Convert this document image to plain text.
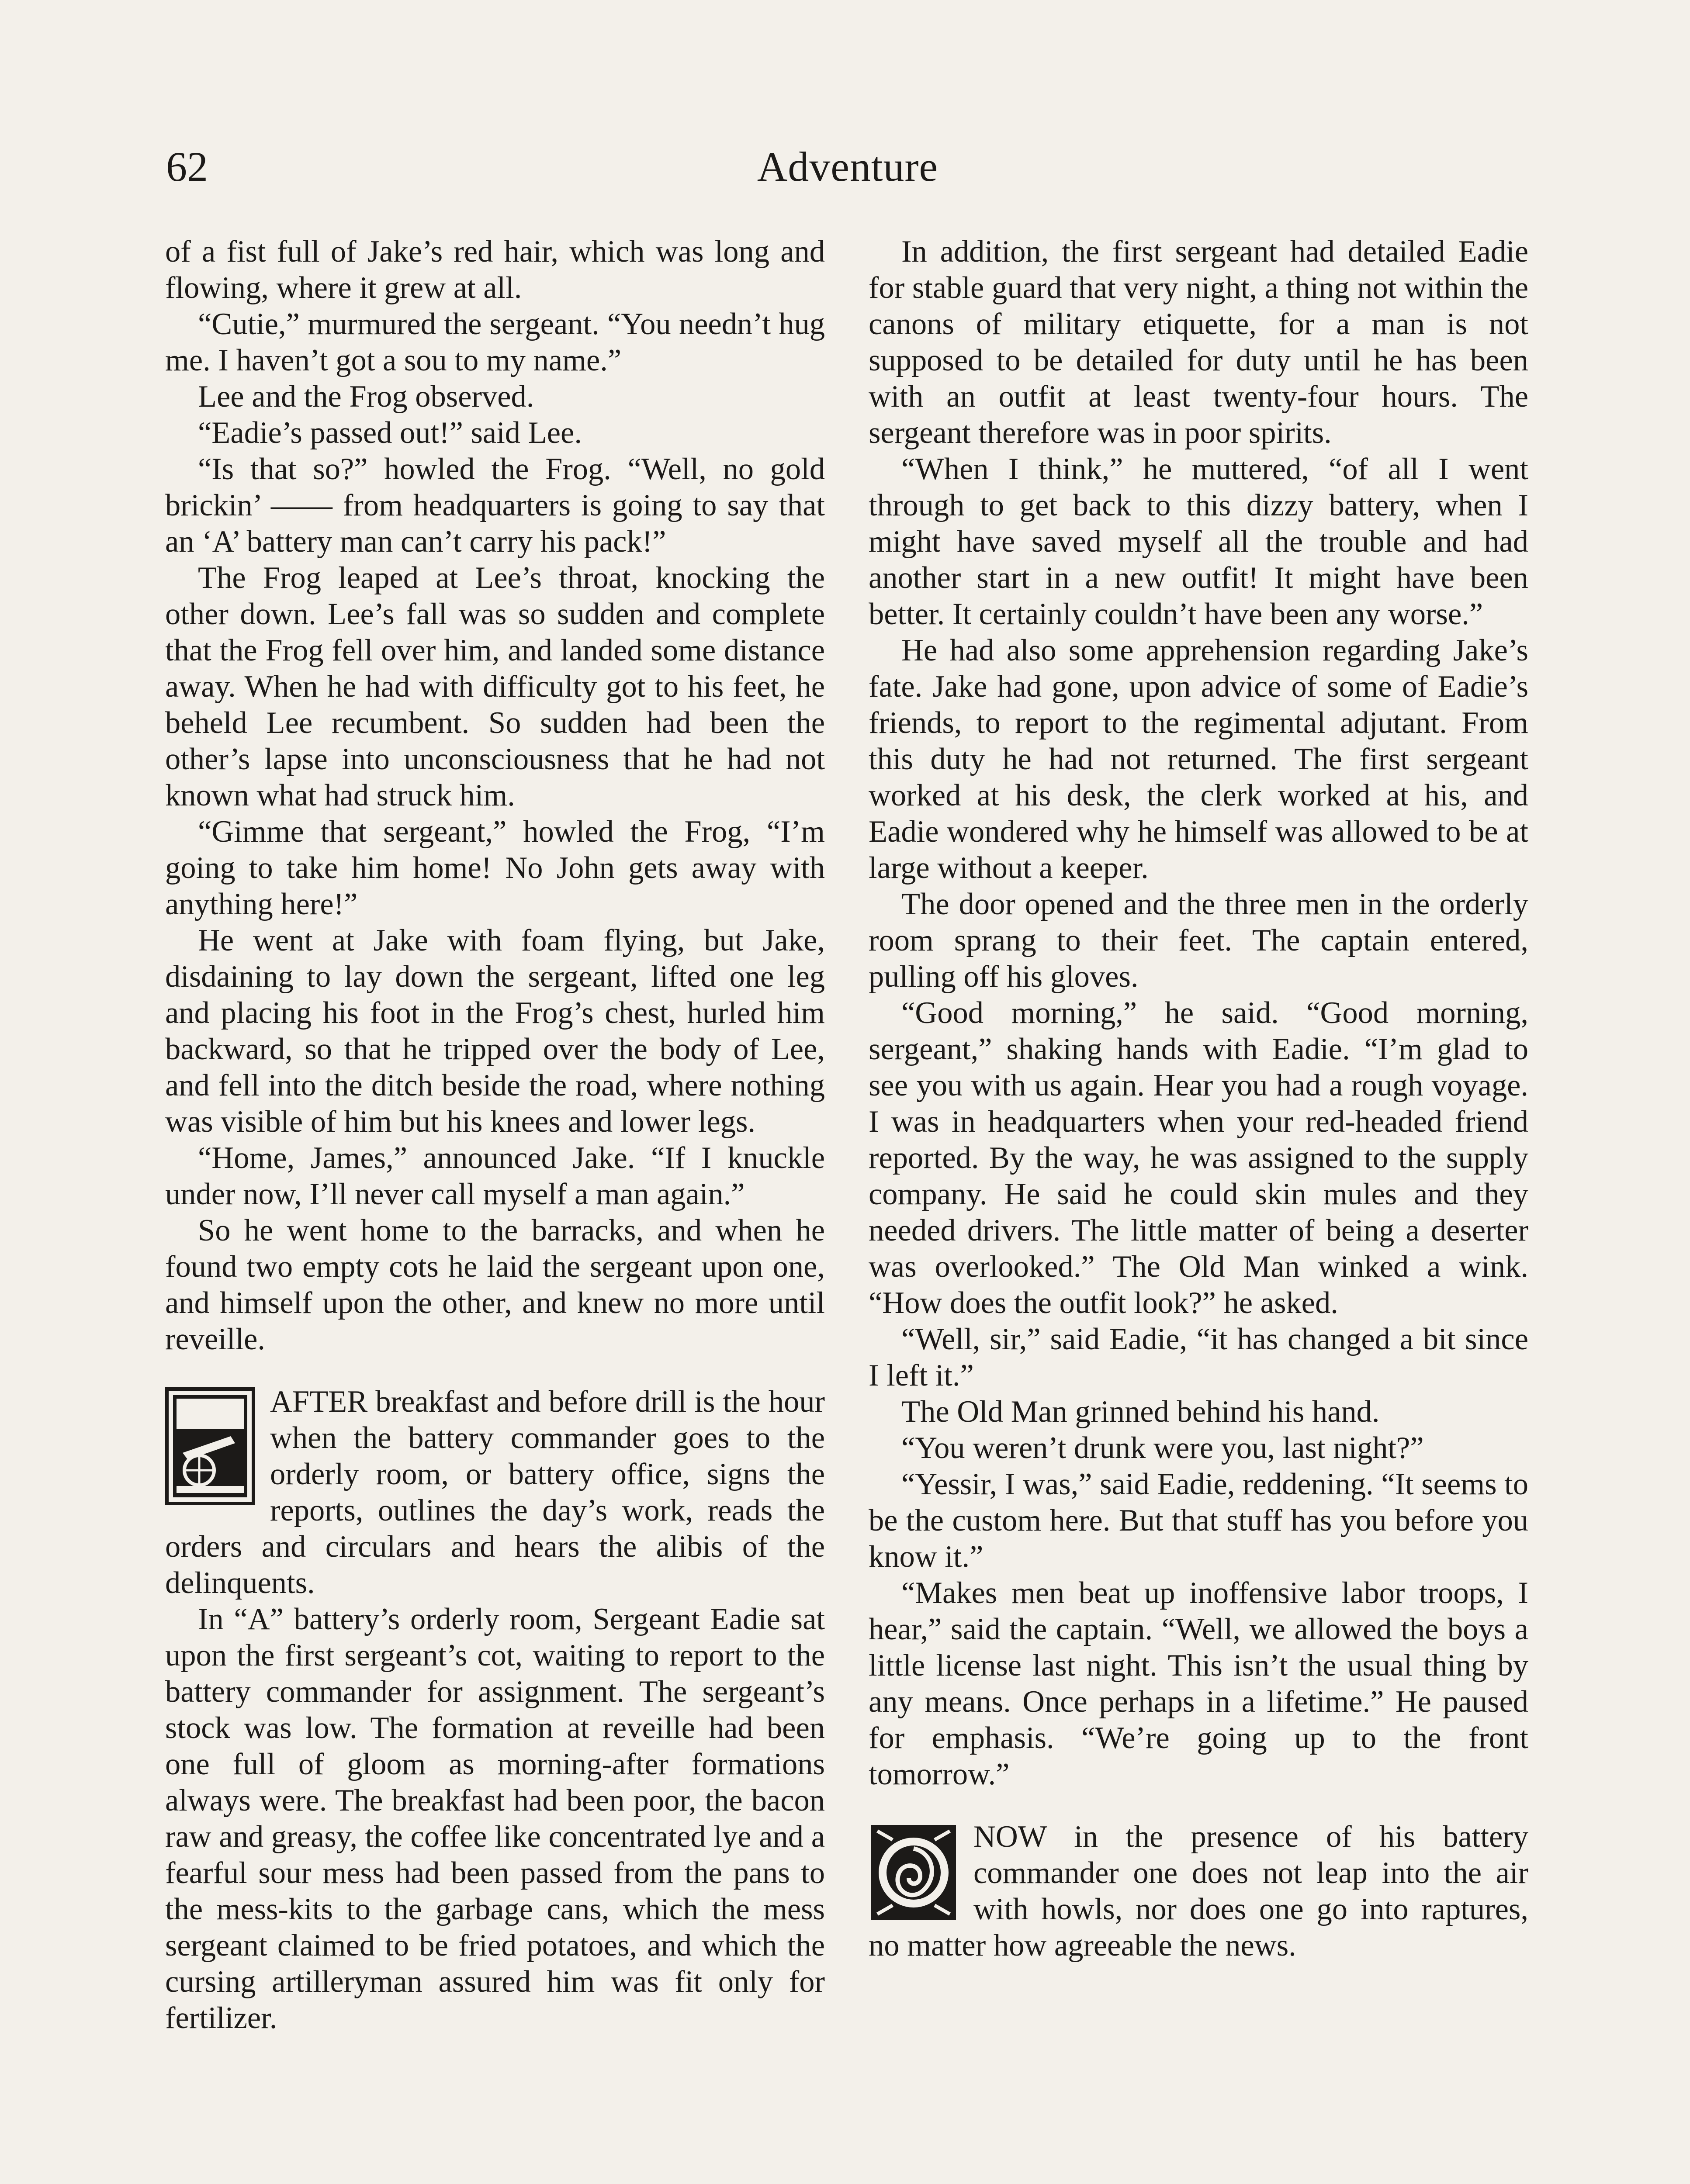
62	Adventure

of a fist full of Jake’s red hair, which was long and flowing, where it grew at all.

“Cutie,” murmured the sergeant. “You needn’t hug me. I haven’t got a sou to my name.”

Lee and the Frog observed.

“Eadie’s passed out!” said Lee.

“Is that so?” howled the Frog. “Well, no gold brickin’ —— from headquarters is going to say that an ‘A’ battery man can’t carry his pack!”

The Frog leaped at Lee’s throat, knocking the other down. Lee’s fall was so sudden and complete that the Frog fell over him, and landed some distance away. When he had with difficulty got to his feet, he beheld Lee recumbent. So sudden had been the other’s lapse into unconsciousness that he had not known what had struck him.

“Gimme that sergeant,” howled the Frog, “I’m going to take him home! No John gets away with anything here!”

He went at Jake with foam flying, but Jake, disdaining to lay down the sergeant, lifted one leg and placing his foot in the Frog’s chest, hurled him backward, so that he tripped over the body of Lee, and fell into the ditch beside the road, where nothing was visible of him but his knees and lower legs.

“Home, James,” announced Jake. “If I knuckle under now, I’ll never call myself a man again.”

So he went home to the barracks, and when he found two empty cots he laid the sergeant upon one, and himself upon the other, and knew no more until reveille.

AFTER breakfast and before drill is the hour when the battery commander goes to the orderly room, or battery office, signs the reports, outlines the day’s work, reads the orders and circulars and hears the alibis of the delinquents.

In “A” battery’s orderly room, Sergeant Eadie sat upon the first sergeant’s cot, waiting to report to the battery commander for assignment. The sergeant’s stock was low. The formation at reveille had been one full of gloom as morning-after formations always were. The breakfast had been poor, the bacon raw and greasy, the coffee like concentrated lye and a fearful sour mess had been passed from the pans to the mess-kits to the garbage cans, which the mess sergeant claimed to be fried potatoes, and which the cursing artilleryman assured him was fit only for fertilizer.

In addition, the first sergeant had detailed Eadie for stable guard that very night, a thing not within the canons of military etiquette, for a man is not supposed to be detailed for duty until he has been with an outfit at least twenty-four hours. The sergeant therefore was in poor spirits.

“When I think,” he muttered, “of all I went through to get back to this dizzy battery, when I might have saved myself all the trouble and had another start in a new outfit! It might have been better. It certainly couldn’t have been any worse.”

He had also some apprehension regarding Jake’s fate. Jake had gone, upon advice of some of Eadie’s friends, to report to the regimental adjutant. From this duty he had not returned. The first sergeant worked at his desk, the clerk worked at his, and Eadie wondered why he himself was allowed to be at large without a keeper.

The door opened and the three men in the orderly room sprang to their feet. The captain entered, pulling off his gloves.

“Good morning,” he said. “Good morning, sergeant,” shaking hands with Eadie. “I’m glad to see you with us again. Hear you had a rough voyage. I was in headquarters when your red-headed friend reported. By the way, he was assigned to the supply company. He said he could skin mules and they needed drivers. The little matter of being a deserter was overlooked.” The Old Man winked a wink. “How does the outfit look?” he asked.

“Well, sir,” said Eadie, “it has changed a bit since I left it.”

The Old Man grinned behind his hand.

“You weren’t drunk were you, last night?”

“Yessir, I was,” said Eadie, reddening. “It seems to be the custom here. But that stuff has you before you know it.”

“Makes men beat up inoffensive labor troops, I hear,” said the captain. “Well, we allowed the boys a little license last night. This isn’t the usual thing by any means. Once perhaps in a lifetime.” He paused for emphasis. “We’re going up to the front tomorrow.”

NOW in the presence of his battery commander one does not leap into the air with howls, nor does one go into raptures, no matter how agreeable the news.
